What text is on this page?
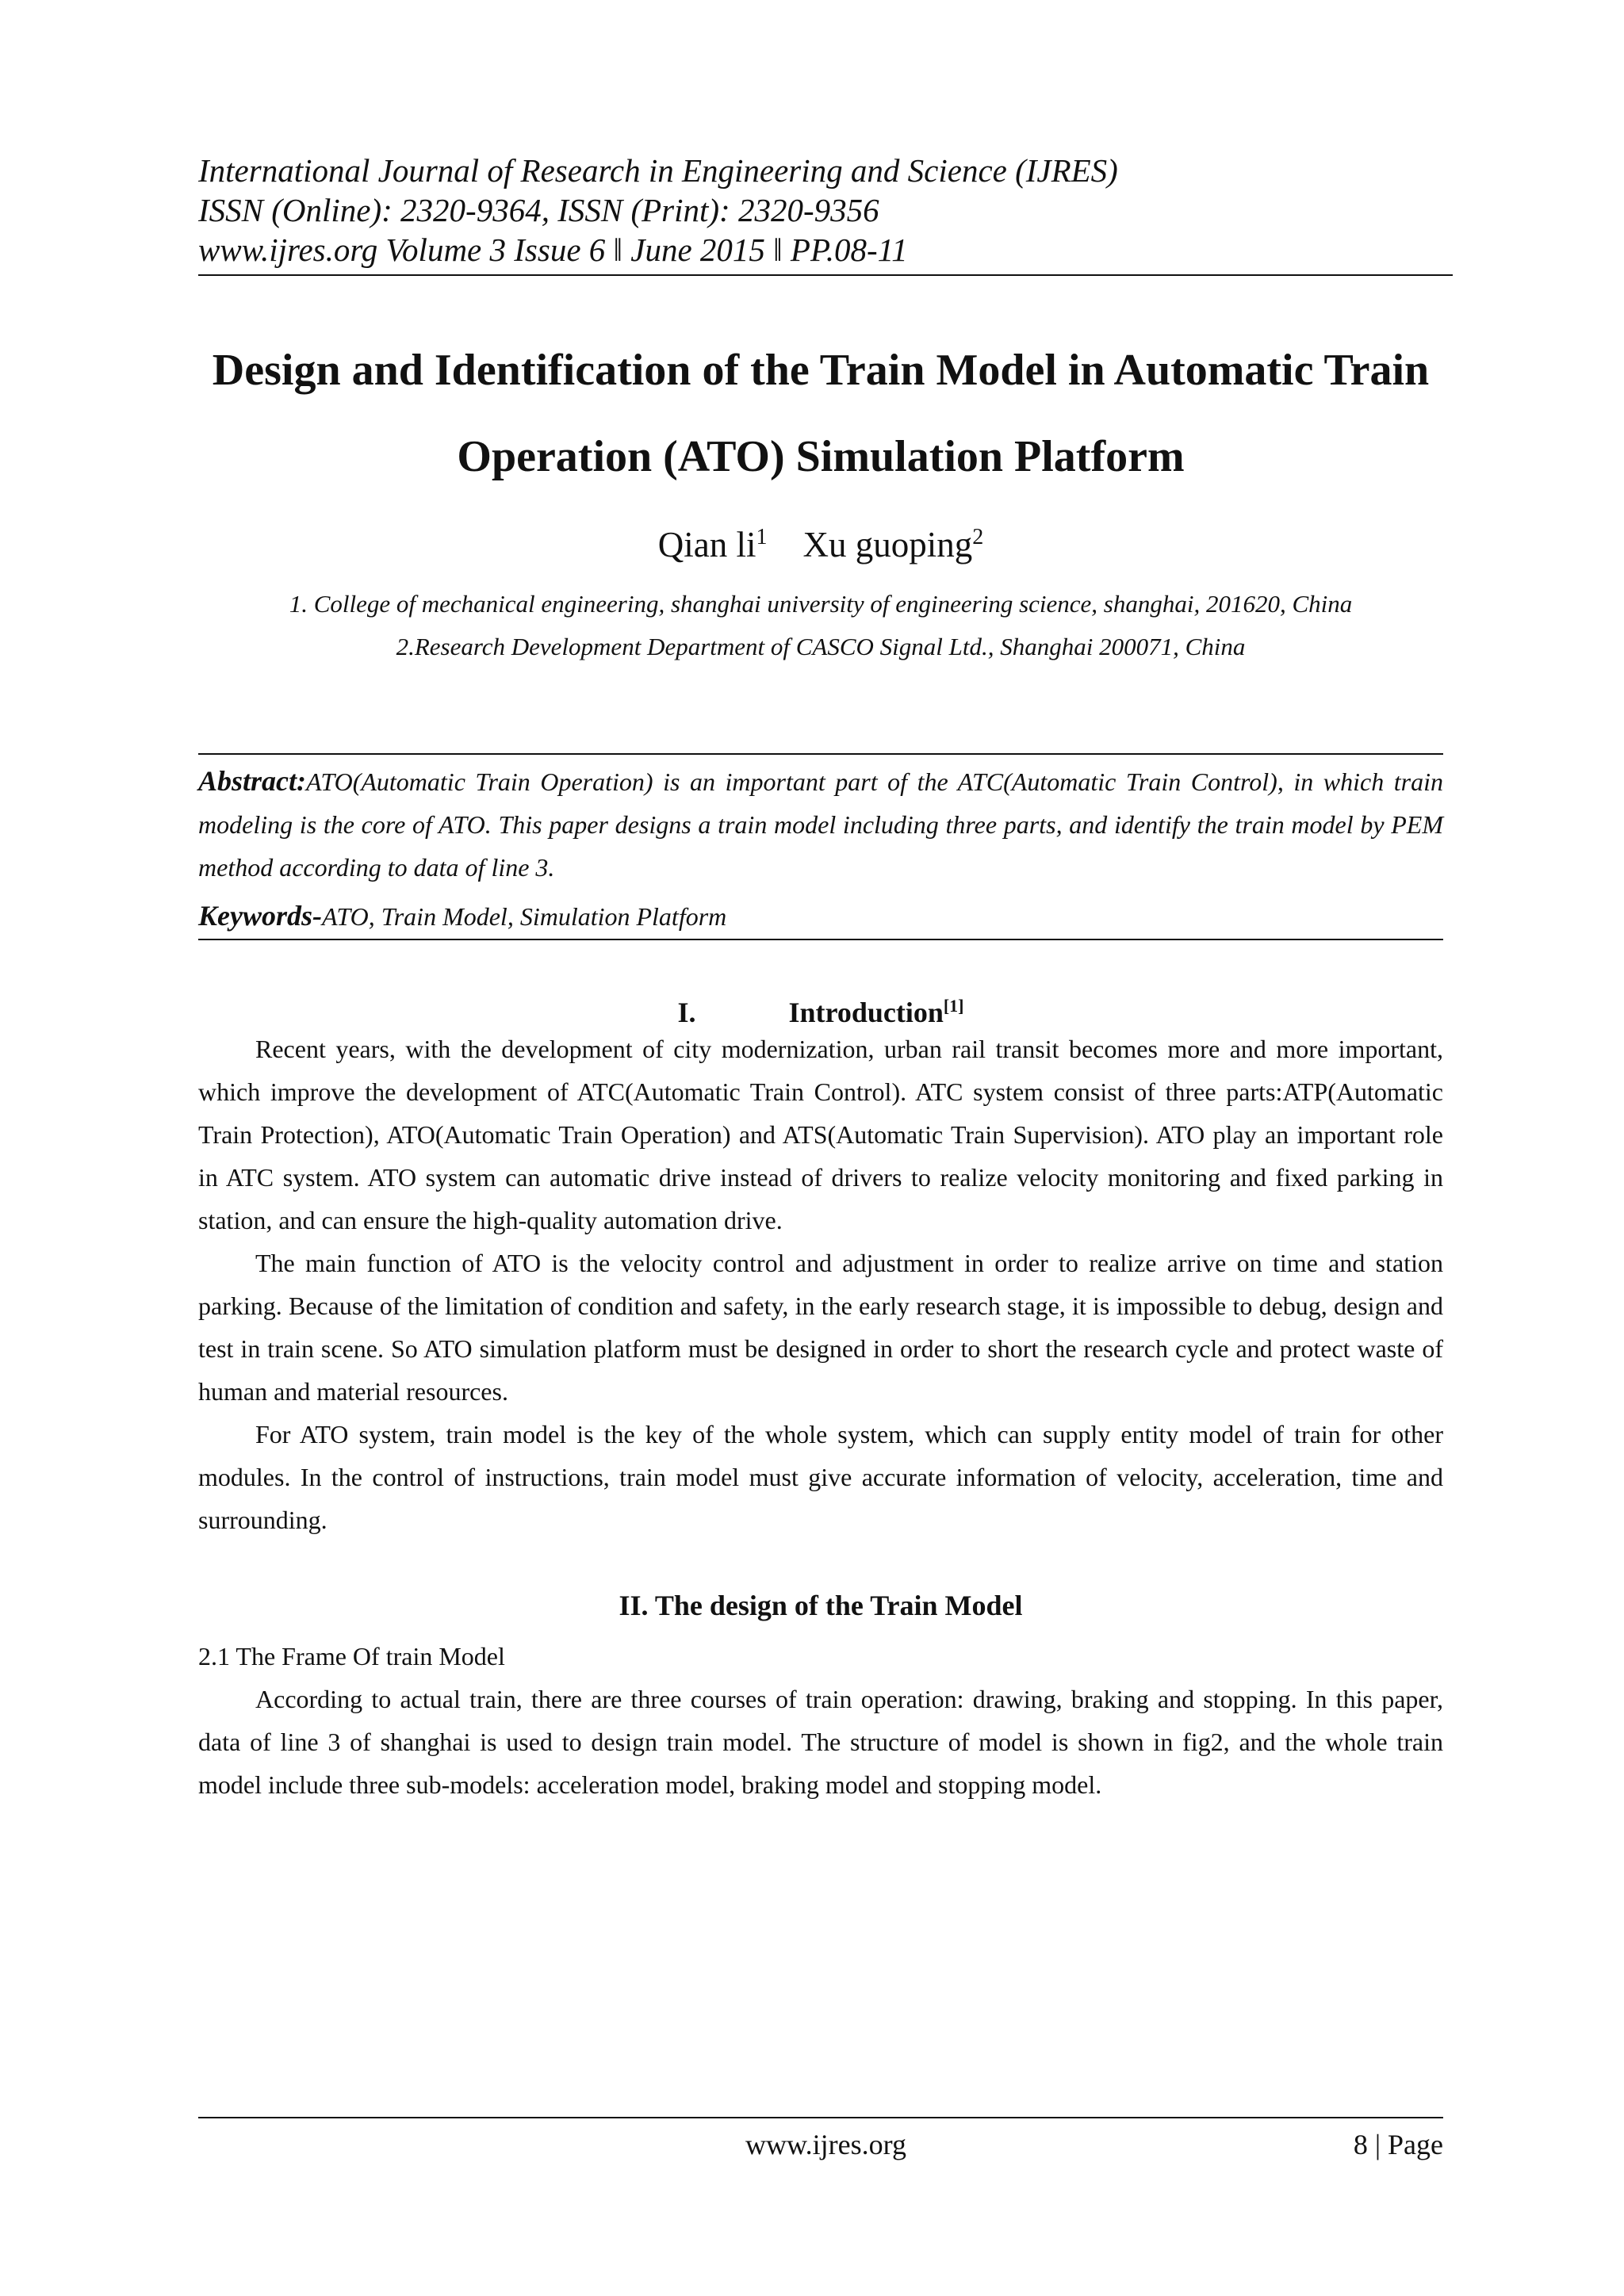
International Journal of Research in Engineering and Science (IJRES)
ISSN (Online): 2320-9364, ISSN (Print): 2320-9356
www.ijres.org Volume 3 Issue 6 ǁ June 2015 ǁ PP.08-11
Design and Identification of the Train Model in Automatic Train
Operation (ATO) Simulation Platform
Qian $li^1$ Xu guoping$^2$
1. College of mechanical engineering, shanghai university of engineering science, shanghai, 201620, China
2.Research Development Department of CASCO Signal Ltd., Shanghai 200071, China
Abstract:ATO(Automatic Train Operation) is an important part of the ATC(Automatic Train Control), in which train modeling is the core of ATO. This paper designs a train model including three parts, and identify the train model by PEM method according to data of line 3.
Keywords-ATO, Train Model, Simulation Platform
I.	Introduction[1]

Recent years, with the development of city modernization, urban rail transit becomes more and more important, which improve the development of ATC(Automatic Train Control). ATC system consist of three parts:ATP(Automatic Train Protection), ATO(Automatic Train Operation) and ATS(Automatic Train Supervision). ATO play an important role in ATC system. ATO system can automatic drive instead of drivers to realize velocity monitoring and fixed parking in station, and can ensure the high-quality automation drive.

The main function of ATO is the velocity control and adjustment in order to realize arrive on time and station parking. Because of the limitation of condition and safety, in the early research stage, it is impossible to debug, design and test in train scene. So ATO simulation platform must be designed in order to short the research cycle and protect waste of human and material resources.

For ATO system, train model is the key of the whole system, which can supply entity model of train for other modules. In the control of instructions, train model must give accurate information of velocity, acceleration, time and surrounding.

II. The design of the Train Model
2.1 The Frame Of train Model

According to actual train, there are three courses of train operation: drawing, braking and stopping. In this paper, data of line 3 of shanghai is used to design train model. The structure of model is shown in fig2, and the whole train model include three sub-models: acceleration model, braking model and stopping model.

www.ijres.org	8 | Page
